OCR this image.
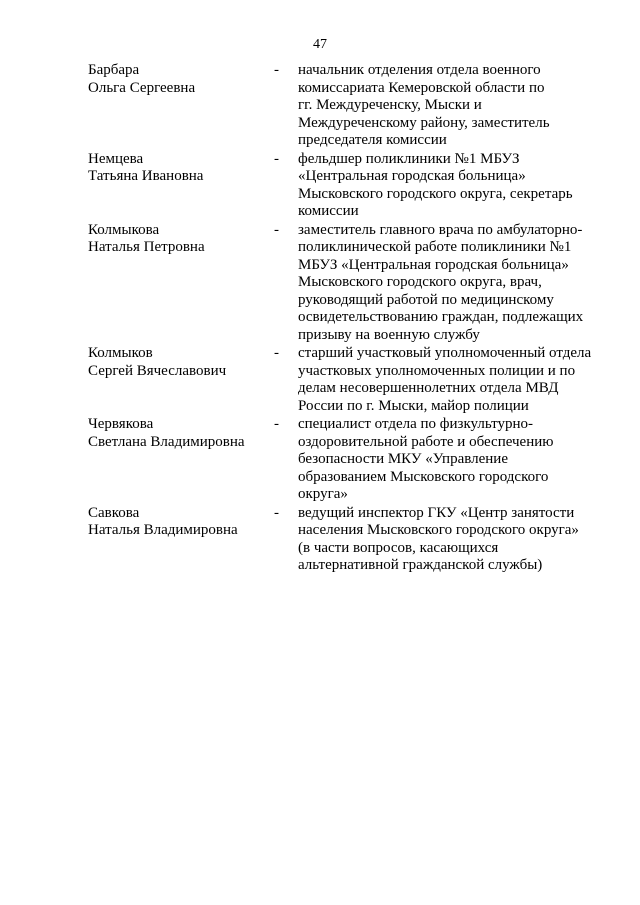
47
Барбара
Ольга Сергеевна
-	начальник отделения отдела военного
комиссариата Кемеровской области по
гг. Междуреченску, Мыски и
Междуреченскому району, заместитель
председателя комиссии
Немцева
Татьяна Ивановна
-	фельдшер поликлиники №1 МБУЗ
«Центральная городская больница»
Мысковского городского округа, секретарь
комиссии
Колмыкова
Наталья Петровна
-	заместитель главного врача по амбулаторно-
поликлинической работе поликлиники №1
МБУЗ «Центральная городская больница»
Мысковского городского округа, врач,
руководящий работой по медицинскому
освидетельствованию граждан, подлежащих
призыву на военную службу
Колмыков
Сергей Вячеславович
-	старший участковый уполномоченный отдела
участковых уполномоченных полиции и по
делам несовершеннолетних отдела МВД
России по г. Мыски, майор полиции
Червякова
Светлана Владимировна
-	специалист отдела по физкультурно-
оздоровительной работе и обеспечению
безопасности МКУ «Управление
образованием Мысковского городского
округа»
Савкова
Наталья Владимировна
-	ведущий инспектор ГКУ «Центр занятости
населения Мысковского городского округа»
(в части вопросов, касающихся
альтернативной гражданской службы)
